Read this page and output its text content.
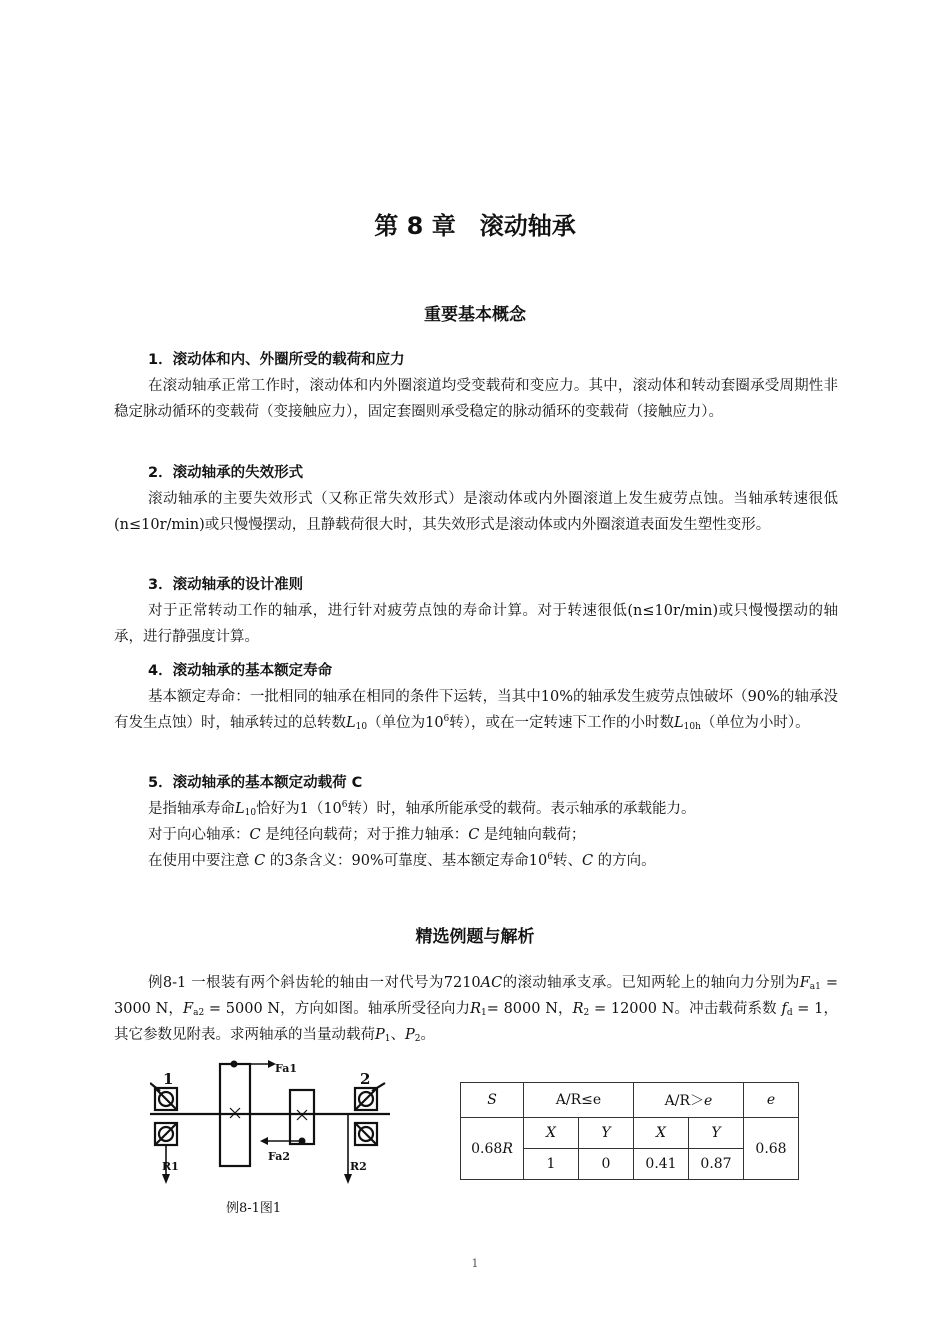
第 8 章　滚动轴承
重要基本概念
1．滚动体和内、外圈所受的载荷和应力

在滚动轴承正常工作时，滚动体和内外圈滚道均受变载荷和变应力。其中，滚动体和转动套圈承受周期性非稳定脉动循环的变载荷（变接触应力），固定套圈则承受稳定的脉动循环的变载荷（接触应力）。

2．滚动轴承的失效形式

滚动轴承的主要失效形式（又称正常失效形式）是滚动体或内外圈滚道上发生疲劳点蚀。当轴承转速很低(n≤10r/min)或只慢慢摆动，且静载荷很大时，其失效形式是滚动体或内外圈滚道表面发生塑性变形。

3．滚动轴承的设计准则

对于正常转动工作的轴承，进行针对疲劳点蚀的寿命计算。对于转速很低(n≤10r/min)或只慢慢摆动的轴承，进行静强度计算。

4．滚动轴承的基本额定寿命

基本额定寿命：一批相同的轴承在相同的条件下运转，当其中10%的轴承发生疲劳点蚀破坏（90%的轴承没有发生点蚀）时，轴承转过的总转数$L_{10}$（单位为$10^6$转），或在一定转速下工作的小时数$L_{10h}$（单位为小时）。

5．滚动轴承的基本额定动载荷 C

是指轴承寿命$L_{10}$恰好为$1(10^6$转）时，轴承所能承受的载荷。表示轴承的承载能力。

对于向心轴承：C 是纯径向载荷；对于推力轴承：C 是纯轴向载荷；

在使用中要注意 C 的3条含义：90%可靠度、基本额定寿命$10^6$转、C 的方向。

精选例题与解析

例8-1 一根装有两个斜齿轮的轴由一对代号为7210AC的滚动轴承支承。已知两轮上的轴向力分别为$F_{a1} = 3000$ N，$F_{a2} = 5000$ N，方向如图。轴承所受径向力$R_1= 8000$ N，$R_2 = 12000$ N。冲击载荷系数 $f_d = 1$，其它参数见附表。求两轴承的当量动载荷$P_1$、$P_2$。

1	2
Fa1
Fa2
R1	R2
例8-1图1
S	A/R≤e		A/R＞e		e
0.68R	X	Y	X	Y	0.68
	1	0	0.41	0.87	
1
